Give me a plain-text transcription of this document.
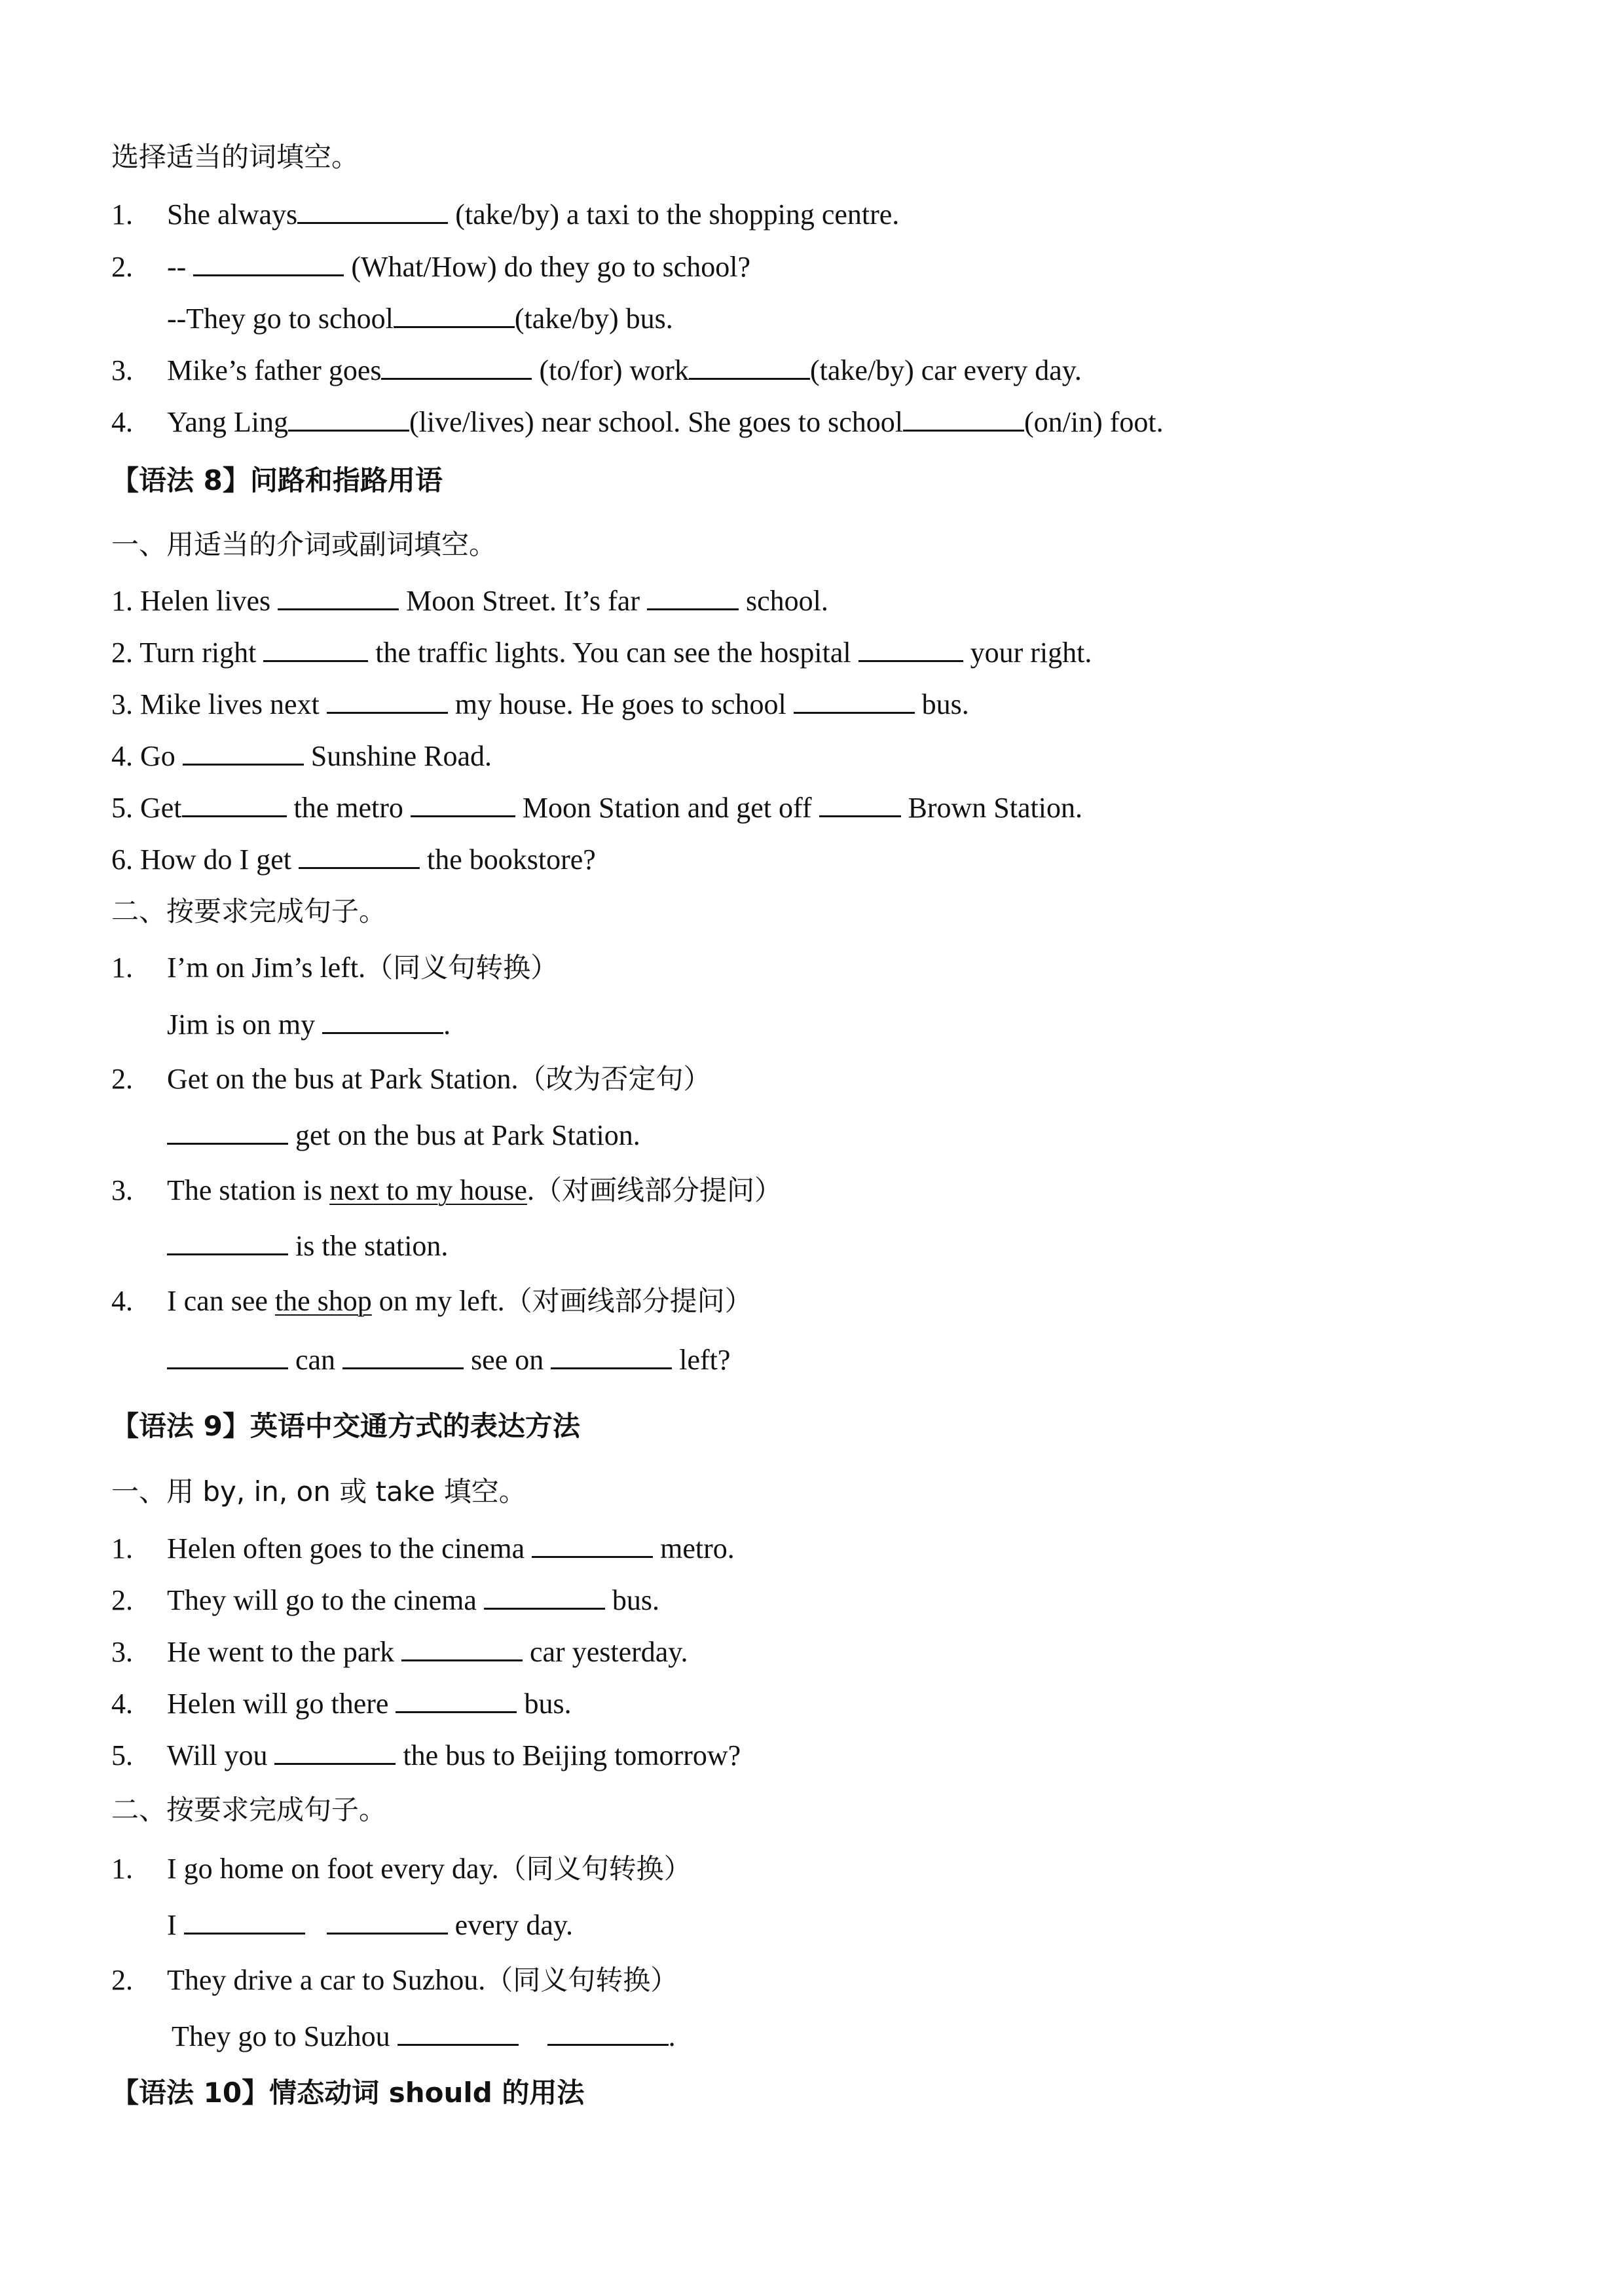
选择适当的词填空。
1. She always	(take/by) a taxi to the shopping centre.
2. --	(What/How) do they go to school?
--They go to school	(take/by) bus.
3. Mike’s father goes	(to/for) work	(take/by) car every day.
4. Yang Ling	(live/lives) near school. She goes to school	(on/in) foot.
【语法 8】问路和指路用语
一、用适当的介词或副词填空。
1. Helen lives	Moon Street. It’s far	school.
2. Turn right	the traffic lights. You can see the hospital	your right.
3. Mike lives next	my house. He goes to school	bus.
4. Go	Sunshine Road.
5. Get	the metro	Moon Station and get off	Brown Station.
6. How do I get	the bookstore?
二、按要求完成句子。
1. I’m on Jim’s left.（同义句转换）
Jim is on my	.
2. Get on the bus at Park Station.（改为否定句）
get on the bus at Park Station.
3. The station is next to my house.（对画线部分提问）
is the station.
4. I can see the shop on my left.（对画线部分提问）
can	see on	left?
【语法 9】英语中交通方式的表达方法
一、用 by, in, on 或 take 填空。
1. Helen often goes to the cinema	metro.
2. They will go to the cinema	bus.
3. He went to the park	car yesterday.
4. Helen will go there	bus.
5. Will you	the bus to Beijing tomorrow?
二、按要求完成句子。
1. I go home on foot every day.（同义句转换）
I	every day.
2. They drive a car to Suzhou.（同义句转换）
They go to Suzhou	.
【语法 10】情态动词 should 的用法
